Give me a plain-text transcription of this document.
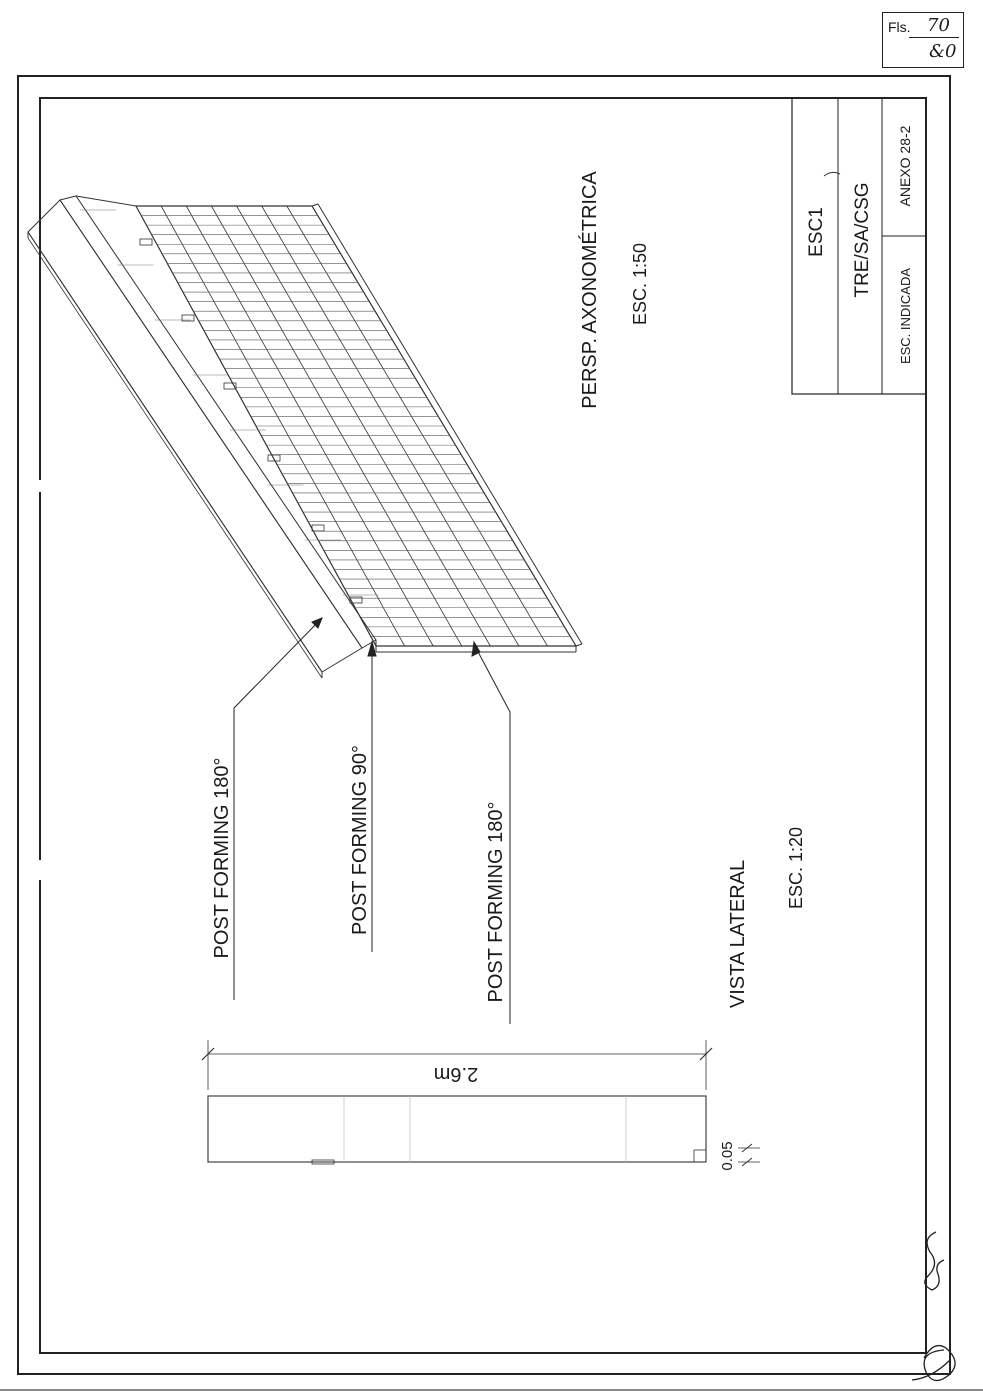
ESC1 TRE/SA/CSG
ESC. INDICADA
ANEXO 28-2
PERSP. AXONOMÉTRICA ESC. 1:50
POST FORMING 180°	POST FORMING 90°	POST FORMING 180°	VISTA LATERAL ESC. 1:20
2.6m
0.05
Fls. 70
&0
